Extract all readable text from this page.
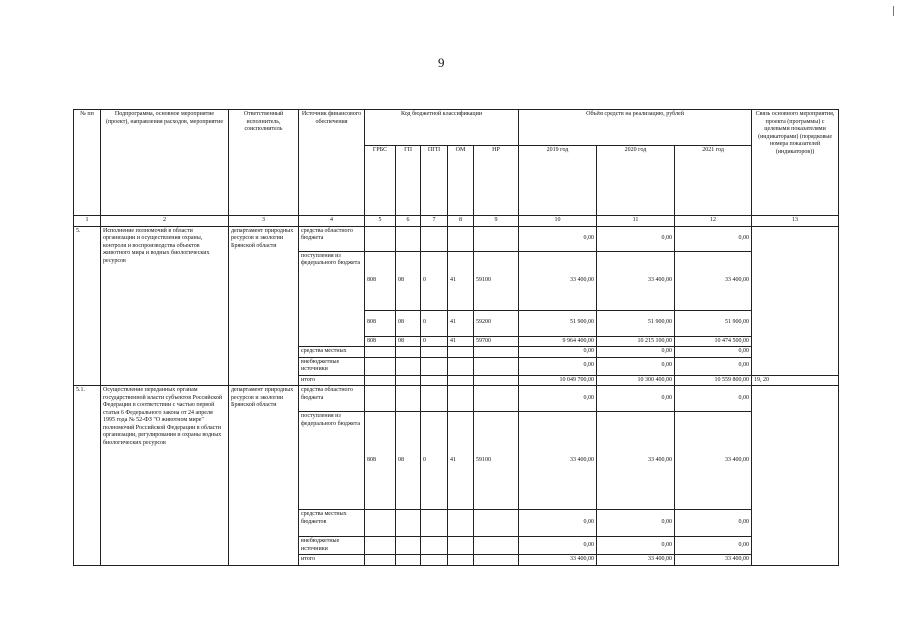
9
№ пп	Подпрограмма, основное мероприятие (проект), направления расходов, мероприятие	Ответственный исполнитель, соисполнитель	Источник финансового обеспечения	Код бюджетной классификации					Объём средств на реализацию, рублей			Связь основного мероприятия, проекта (программы) с целевыми показателями (индикаторами) (порядковые номера показателей (индикаторов))
				ГРБС	ГП	ПГП	ОМ	НР	2019 год	2020 год	2021 год	
1	2	3	4	5	6	7	8	9	10	11	12	13
5.	Исполнение полномочий в области организации и осуществления охраны, контроля и воспроизводства объектов животного мира и водных биологических ресурсов	департамент природных ресурсов и экологии Брянской области	средства областного бюджета						0,00	0,00	0,00	
			поступления из федерального бюджета	808	08	0	41	59100	33 400,00	33 400,00	33 400,00	
				808	08	0	41	59200	51 900,00	51 900,00	51 900,00	
				808	08	0	41	59700	9 964 400,00	10 215 100,00	10 474 500,00	
			средства местных						0,00	0,00	0,00	
			внебюджетные источники						0,00	0,00	0,00	
			итого						10 049 700,00	10 300 400,00	10 559 800,00	19, 20
5.1.	Осуществление переданных органам государственной власти субъектов Российской Федерации в соответствии с частью первой статьи 6 Федерального закона от 24 апреля 1995 года № 52-ФЗ "О животном мире" полномочий Российской Федерации в области организации, регулирования и охраны водных биологических ресурсов	департамент природных ресурсов и экологии Брянской области	средства областного бюджета						0,00	0,00	0,00	
			поступления из федерального бюджета	808	08	0	41	59100	33 400,00	33 400,00	33 400,00	
			средства местных бюджетов						0,00	0,00	0,00	
			внебюджетные источники						0,00	0,00	0,00	
			итого						33 400,00	33 400,00	33 400,00	
